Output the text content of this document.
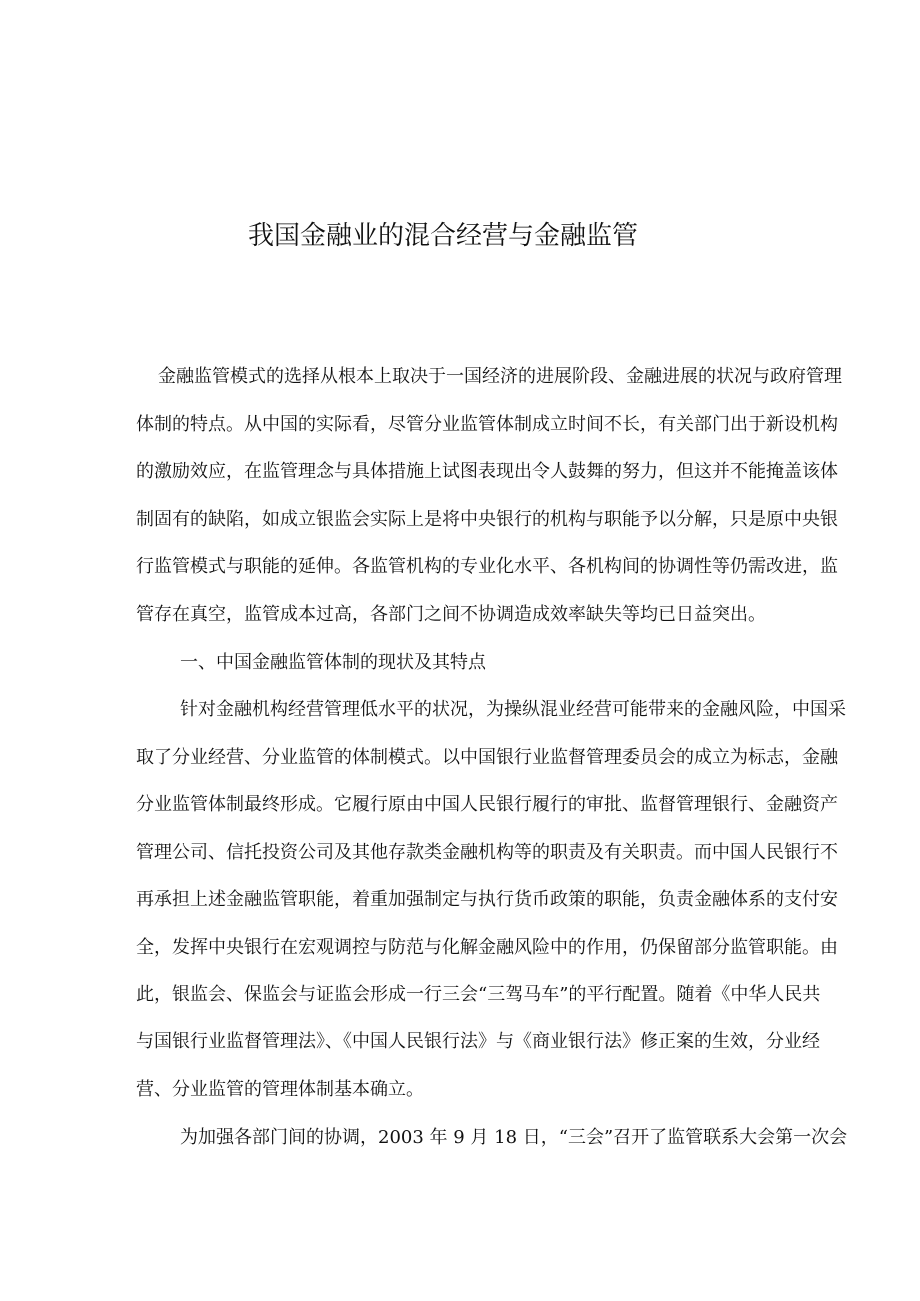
我国金融业的混合经营与金融监管
金融监管模式的选择从根本上取决于一国经济的进展阶段、金融进展的状况与政府管理
体制的特点。从中国的实际看，尽管分业监管体制成立时间不长，有关部门出于新设机构
的激励效应，在监管理念与具体措施上试图表现出令人鼓舞的努力，但这并不能掩盖该体
制固有的缺陷，如成立银监会实际上是将中央银行的机构与职能予以分解，只是原中央银
行监管模式与职能的延伸。各监管机构的专业化水平、各机构间的协调性等仍需改进，监
管存在真空，监管成本过高，各部门之间不协调造成效率缺失等均已日益突出。
一、中国金融监管体制的现状及其特点
针对金融机构经营管理低水平的状况，为操纵混业经营可能带来的金融风险，中国采
取了分业经营、分业监管的体制模式。以中国银行业监督管理委员会的成立为标志，金融
分业监管体制最终形成。它履行原由中国人民银行履行的审批、监督管理银行、金融资产
管理公司、信托投资公司及其他存款类金融机构等的职责及有关职责。而中国人民银行不
再承担上述金融监管职能，着重加强制定与执行货币政策的职能，负责金融体系的支付安
全，发挥中央银行在宏观调控与防范与化解金融风险中的作用，仍保留部分监管职能。由
此，银监会、保监会与证监会形成一行三会“三驾马车”的平行配置。随着《中华人民共
与国银行业监督管理法》、《中国人民银行法》与《商业银行法》修正案的生效，分业经
营、分业监管的管理体制基本确立。
为加强各部门间的协调，2003 年 9 月 18 日，“三会”召开了监管联系大会第一次会
